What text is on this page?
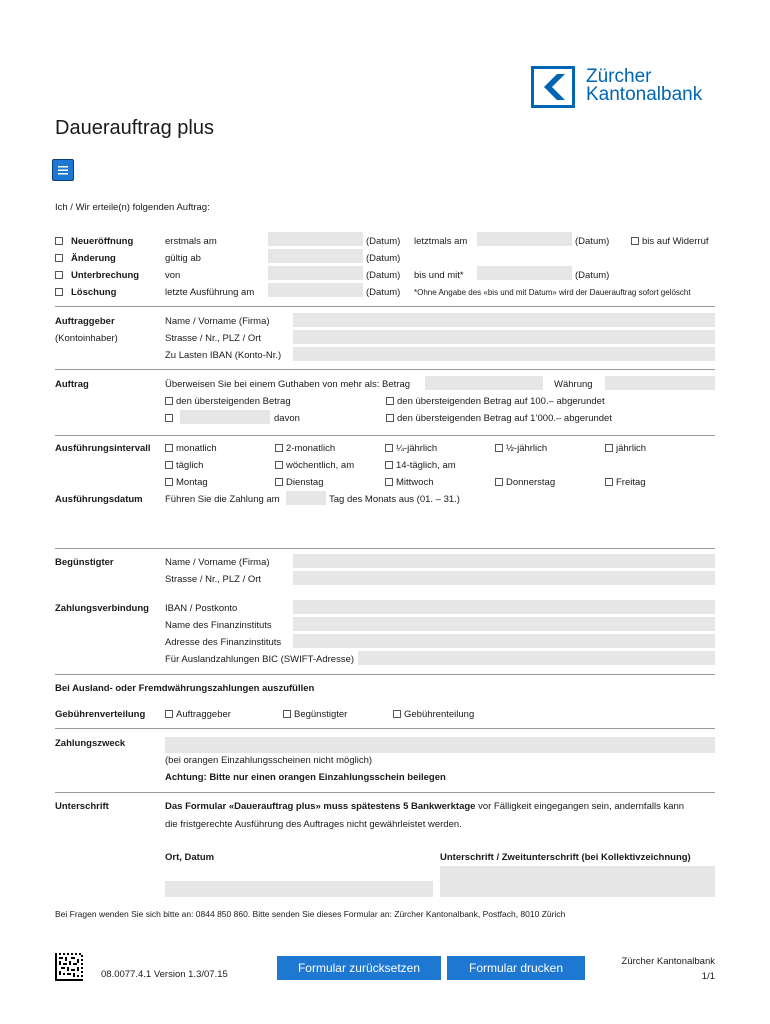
Zürcher
Kantonalbank
Dauerauftrag plus
Ich / Wir erteile(n) folgenden Auftrag:
Neueröffnung	erstmals am	(Datum) letztmals am	(Datum)	bis auf Widerruf
Änderung	gültig ab	(Datum)
Unterbrechung	von	(Datum) bis und mit*	(Datum)
Löschung	letzte Ausführung am	(Datum) *Ohne Angabe des «bis und mit Datum» wird der Dauerauftrag sofort gelöscht
Auftraggeber
(Kontoinhaber)
Name / Vorname (Firma)
Strasse / Nr., PLZ / Ort
Zu Lasten IBAN (Konto-Nr.)
Auftrag	Überweisen Sie bei einem Guthaben von mehr als: Betrag	Währung
den übersteigenden Betrag	den übersteigenden Betrag auf 100.– abgerundet
davon	den übersteigenden Betrag auf 1’000.– abgerundet
Ausführungsintervall	monatlich	2-monatlich	¼-jährlich	½-jährlich	jährlich
täglich	wöchentlich, am	14-täglich, am
Montag	Dienstag	Mittwoch	Donnerstag	Freitag
Ausführungsdatum Führen Sie die Zahlung am	Tag des Monats aus (01. – 31.)
Begünstigter	Name / Vorname (Firma)
Strasse / Nr., PLZ / Ort
Zahlungsverbindung IBAN / Postkonto
Name des Finanzinstituts
Adresse des Finanzinstituts
Für Auslandzahlungen BIC (SWIFT-Adresse)
Bei Ausland- oder Fremdwährungszahlungen auszufüllen
Gebührenverteilung	Auftraggeber	Begünstigter	Gebührenteilung
Zahlungszweck
(bei orangen Einzahlungsscheinen nicht möglich)
Achtung: Bitte nur einen orangen Einzahlungsschein beilegen
Unterschrift	Das Formular «Dauerauftrag plus» muss spätestens 5 Bankwerktage vor Fälligkeit eingegangen sein, andernfalls kann
die fristgerechte Ausführung des Auftrages nicht gewährleistet werden.
Ort, Datum	Unterschrift / Zweitunterschrift (bei Kollektivzeichnung)
Bei Fragen wenden Sie sich bitte an: 0844 850 860. Bitte senden Sie dieses Formular an: Zürcher Kantonalbank, Postfach, 8010 Zürich
08.0077.4.1 Version 1.3/07.15	Formular zurücksetzen	Formular drucken	Zürcher Kantonalbank
1/1
